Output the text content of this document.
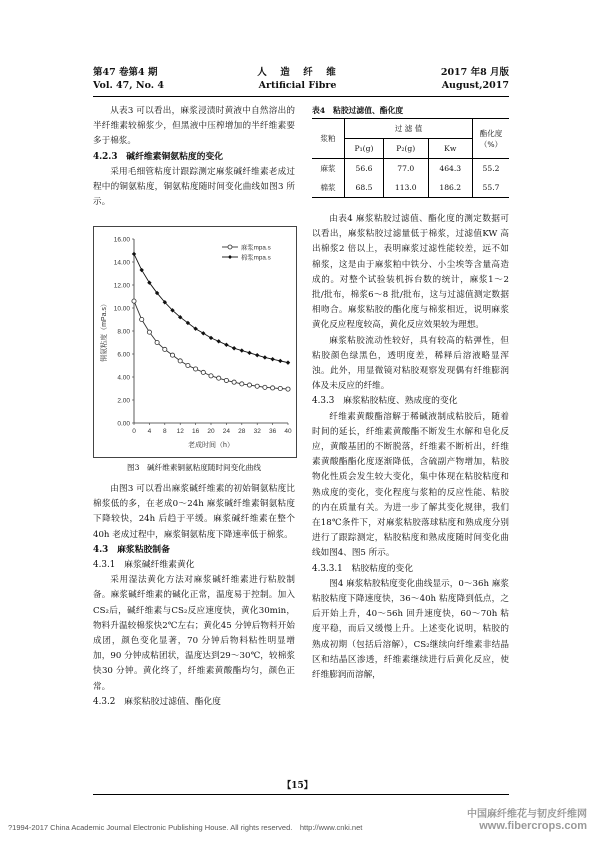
第47 卷第4 期
Vol. 47, No. 4
人　造　纤　维
Artificial Fibre
2017 年8 月版
August,2017

从表3 可以看出，麻浆浸渍时黄液中自然溶出的半纤维素较棉浆少，但黑液中压榨增加的半纤维素要多于棉浆。

4.2.3　碱纤维素铜氨粘度的变化

采用毛细管粘度计跟踪测定麻浆碱纤维素老成过程中的铜氨粘度，铜氨粘度随时间变化曲线如图3 所示。

0.00
2.00
4.00
6.00
8.00
10.00
12.00
14.00
16.00
0 4 8 12 16 20 24 28 32 36 40
老成时间（h）
铜氨粘度（mPa.s）
麻浆mpa.s
棉浆mpa.s
图3　碱纤维素铜氨粘度随时间变化曲线

由图3 可以看出麻浆碱纤维素的初始铜氨粘度比棉浆低的多，在老成0～24h 麻浆碱纤维素铜氨粘度下降较快，24h 后趋于平缓。麻浆碱纤维素在整个40h 老成过程中，麻浆铜氨粘度下降速率低于棉浆。

4.3　麻浆粘胶制备
4.3.1　麻浆碱纤维素黄化

采用湿法黄化方法对麻浆碱纤维素进行粘胶制备。麻浆碱纤维素的碱化正常，温度易于控制。加入CS₂后，碱纤维素与CS₂反应速度快，黄化30min，物料升温较棉浆快2℃左右；黄化45 分钟后物料开始成团，颜色变化显著，70 分钟后物料粘性明显增加，90 分钟成粘团状，温度达到29～30℃，较棉浆快30 分钟。黄化终了，纤维素黄酸酯均匀，颜色正常。

4.3.2　麻浆粘胶过滤值、酯化度
表4　粘胶过滤值、酯化度
浆粕	过 滤 值			酯化度（%）
	P₁(g)	P₂(g)	Kw	
麻浆	56.6	77.0	464.3	55.2
棉浆	68.5	113.0	186.2	55.7

由表4 麻浆粘胶过滤值、酯化度的测定数据可以看出，麻浆粘胶过滤量低于棉浆，过滤值KW 高出棉浆2 倍以上，表明麻浆过滤性能较差，远不如棉浆，这是由于麻浆粕中铁分、小尘埃等含量高造成的。对整个试验装机拆台数的统计，麻浆1～2 批/批布，棉浆6～8 批/批布，这与过滤值测定数据相吻合。麻浆粘胶的酯化度与棉浆相近，说明麻浆黄化反应程度较高，黄化反应效果较为理想。

麻浆粘胶流动性较好，具有较高的粘弹性，但粘胶颜色绿黑色，透明度差，稀释后溶液略显浑浊。此外，用显微镜对粘胶观察发现偶有纤维膨润体及未反应的纤维。

4.3.3　麻浆粘胶粘度、熟成度的变化

纤维素黄酸酯溶解于稀碱液制成粘胶后，随着时间的延长，纤维素黄酸酯不断发生水解和皂化反应，黄酸基团的不断脱落，纤维素不断析出，纤维素黄酸酯酯化度逐渐降低，含硫副产物增加，粘胶物化性质会发生较大变化，集中体现在粘胶粘度和熟成度的变化，变化程度与浆粕的反应性能、粘胶的内在质量有关。为进一步了解其变化规律，我们在18℃条件下，对麻浆粘胶落球粘度和熟成度分别进行了跟踪测定，粘胶粘度和熟成度随时间变化曲线如图4、图5 所示。

4.3.3.1　粘胶粘度的变化

图4 麻浆粘胶粘度变化曲线显示，0～36h 麻浆粘胶粘度下降速度快，36～40h 粘度降到低点，之后开始上升，40～56h 回升速度快，60～70h 粘度平稳，而后又缓慢上升。上述变化说明，粘胶的熟成初期（包括后溶解），CS₂继续向纤维素非结晶区和结晶区渗透，纤维素继续进行后黄化反应，使纤维膨润而溶解，

【15】
?1994-2017 China Academic Journal Electronic Publishing House. All rights reserved.　http://www.cnki.net
中国麻纤维花与韧皮纤维网
www.fibercrops.com
